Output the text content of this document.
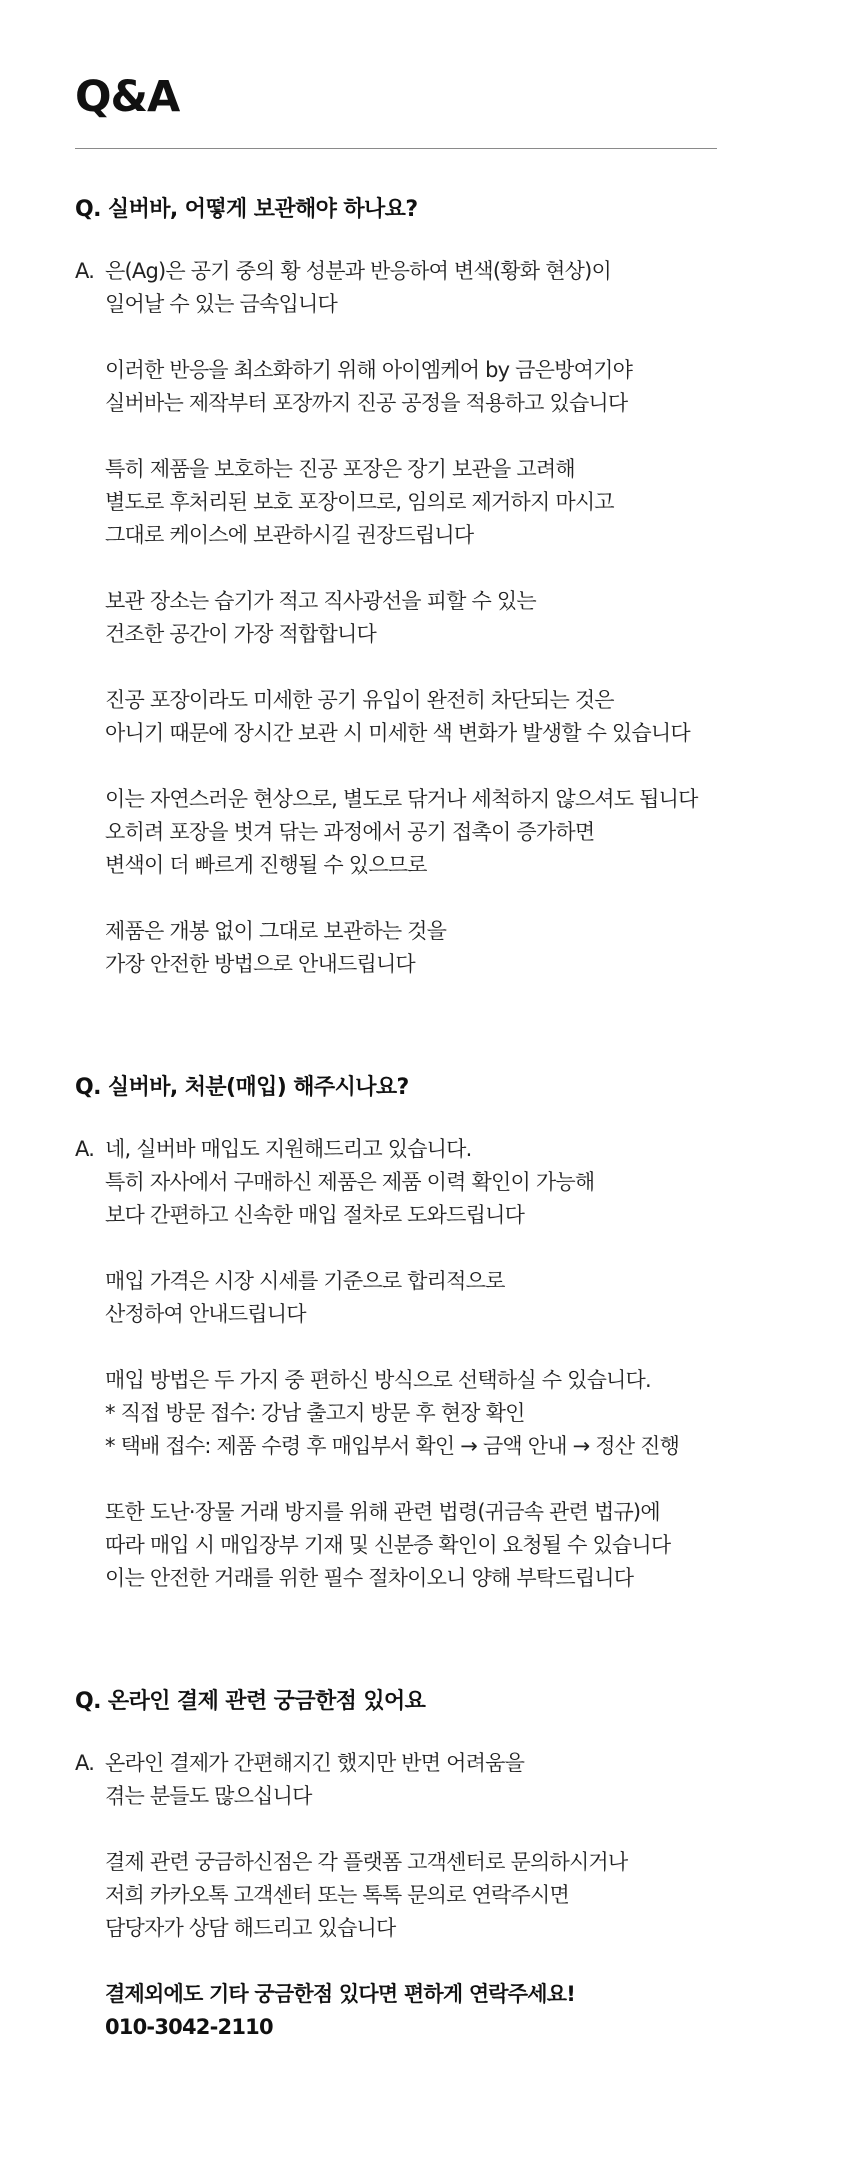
Q&A

Q. 실버바, 어떻게 보관해야 하나요?

A. 은(Ag)은 공기 중의 황 성분과 반응하여 변색(황화 현상)이
일어날 수 있는 금속입니다

이러한 반응을 최소화하기 위해 아이엠케어 by 금은방여기야
실버바는 제작부터 포장까지 진공 공정을 적용하고 있습니다

특히 제품을 보호하는 진공 포장은 장기 보관을 고려해
별도로 후처리된 보호 포장이므로, 임의로 제거하지 마시고
그대로 케이스에 보관하시길 권장드립니다

보관 장소는 습기가 적고 직사광선을 피할 수 있는
건조한 공간이 가장 적합합니다

진공 포장이라도 미세한 공기 유입이 완전히 차단되는 것은
아니기 때문에 장시간 보관 시 미세한 색 변화가 발생할 수 있습니다

이는 자연스러운 현상으로, 별도로 닦거나 세척하지 않으셔도 됩니다
오히려 포장을 벗겨 닦는 과정에서 공기 접촉이 증가하면
변색이 더 빠르게 진행될 수 있으므로

제품은 개봉 없이 그대로 보관하는 것을
가장 안전한 방법으로 안내드립니다

Q. 실버바, 처분(매입) 해주시나요?

A. 네, 실버바 매입도 지원해드리고 있습니다.
특히 자사에서 구매하신 제품은 제품 이력 확인이 가능해
보다 간편하고 신속한 매입 절차로 도와드립니다

매입 가격은 시장 시세를 기준으로 합리적으로
산정하여 안내드립니다

매입 방법은 두 가지 중 편하신 방식으로 선택하실 수 있습니다.
* 직접 방문 접수: 강남 출고지 방문 후 현장 확인
* 택배 접수: 제품 수령 후 매입부서 확인 → 금액 안내 → 정산 진행

또한 도난·장물 거래 방지를 위해 관련 법령(귀금속 관련 법규)에
따라 매입 시 매입장부 기재 및 신분증 확인이 요청될 수 있습니다
이는 안전한 거래를 위한 필수 절차이오니 양해 부탁드립니다

Q. 온라인 결제 관련 궁금한점 있어요

A. 온라인 결제가 간편해지긴 했지만 반면 어려움을
겪는 분들도 많으십니다

결제 관련 궁금하신점은 각 플랫폼 고객센터로 문의하시거나
저희 카카오톡 고객센터 또는 톡톡 문의로 연락주시면
담당자가 상담 해드리고 있습니다

결제외에도 기타 궁금한점 있다면 편하게 연락주세요!
010-3042-2110
